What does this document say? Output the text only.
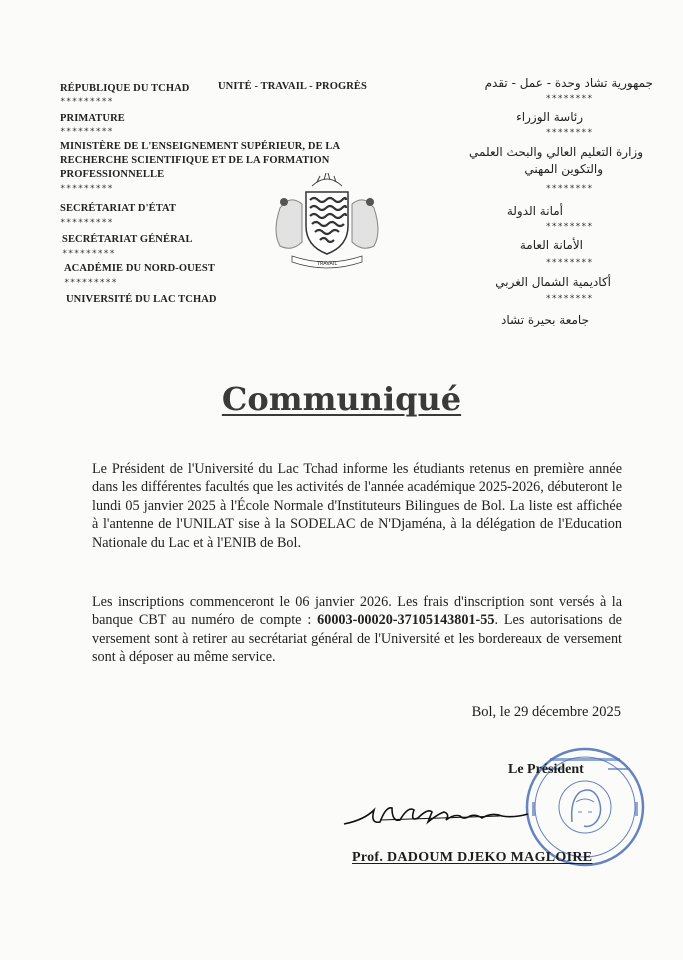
RÉPUBLIQUE DU TCHAD	UNITÉ - TRAVAIL - PROGRÈS
*********
PRIMATURE
*********
MINISTÈRE DE L'ENSEIGNEMENT SUPÉRIEUR, DE LA
RECHERCHE SCIENTIFIQUE ET DE LA FORMATION
PROFESSIONNELLE
*********
SECRÉTARIAT D'ÉTAT
*********
SECRÉTARIAT GÉNÉRAL
*********
ACADÉMIE DU NORD-OUEST
*********
UNIVERSITÉ DU LAC TCHAD
TRAVAIL
جمهورية تشاد وحدة - عمل - تقدم
********
رئاسة الوزراء
********
وزارة التعليم العالي والبحث العلمي
والتكوين المهني
********
أمانة الدولة
********
الأمانة العامة
********
أكاديمية الشمال الغربي
********
جامعة بحيرة تشاد
Communiqué
Le Président de l'Université du Lac Tchad informe les étudiants retenus en première année dans les différentes facultés que les activités de l'année académique 2025-2026, débuteront le lundi 05 janvier 2025 à l'École Normale d'Instituteurs Bilingues de Bol. La liste est affichée à l'antenne de l'UNILAT sise à la SODELAC de N'Djaména, à la délégation de l'Education Nationale du Lac et à l'ENIB de Bol.
Les inscriptions commenceront le 06 janvier 2026. Les frais d'inscription sont versés à la banque CBT au numéro de compte : 60003-00020-37105143801-55. Les autorisations de versement sont à retirer au secrétariat général de l'Université et les bordereaux de versement sont à déposer au même service.
Bol, le 29 décembre 2025
Le Président
Prof. DADOUM DJEKO MAGLOIRE
